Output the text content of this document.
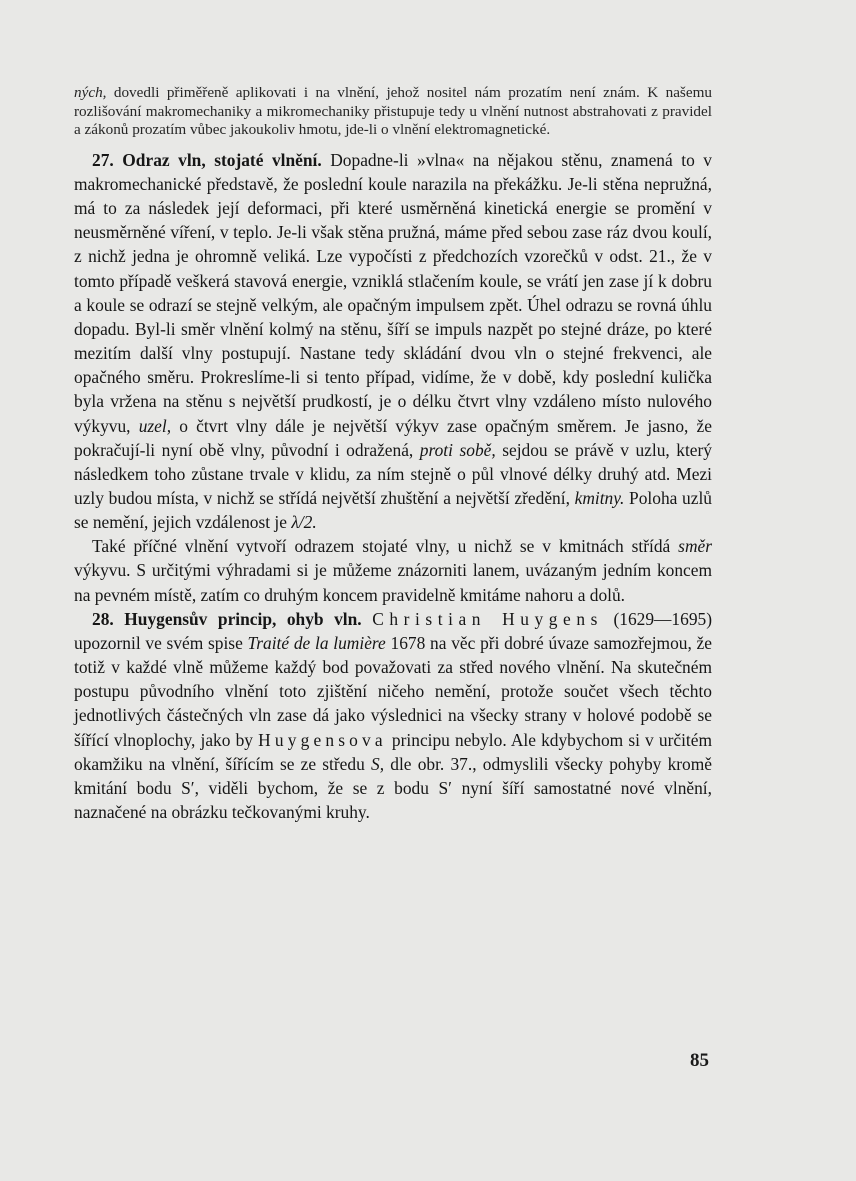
ných, dovedli přiměřeně aplikovati i na vlnění, jehož nositel nám prozatím není znám. K našemu rozlišování makromechaniky a mikromechaniky přistupuje tedy u vlnění nutnost abstrahovati z pravidel a zákonů prozatím vůbec jakoukoliv hmotu, jde-li o vlnění elektromagnetické.

27. Odraz vln, stojaté vlnění. Dopadne-li »vlna« na nějakou stěnu, znamená to v makromechanické představě, že poslední koule narazila na překážku. Je-li stěna nepružná, má to za následek její deformaci, při které usměrněná kinetická energie se promění v neusměrněné víření, v teplo. Je-li však stěna pružná, máme před sebou zase ráz dvou koulí, z nichž jedna je ohromně veliká. Lze vypočísti z předchozích vzorečků v odst. 21., že v tomto případě veškerá stavová energie, vzniklá stlačením koule, se vrátí jen zase jí k dobru a koule se odrazí se stejně velkým, ale opačným impulsem zpět. Úhel odrazu se rovná úhlu dopadu. Byl-li směr vlnění kolmý na stěnu, šíří se impuls nazpět po stejné dráze, po které mezitím další vlny postupují. Nastane tedy skládání dvou vln o stejné frekvenci, ale opačného směru. Prokreslíme-li si tento případ, vidíme, že v době, kdy poslední kulička byla vržena na stěnu s největší prudkostí, je o délku čtvrt vlny vzdáleno místo nulového výkyvu, uzel, o čtvrt vlny dále je největší výkyv zase opačným směrem. Je jasno, že pokračují-li nyní obě vlny, původní i odražená, proti sobě, sejdou se právě v uzlu, který následkem toho zůstane trvale v klidu, za ním stejně o půl vlnové délky druhý atd. Mezi uzly budou místa, v nichž se střídá největší zhuštění a největší zředění, kmitny. Poloha uzlů se nemění, jejich vzdálenost je λ/2.

Také příčné vlnění vytvoří odrazem stojaté vlny, u nichž se v kmitnách střídá směr výkyvu. S určitými výhradami si je můžeme znázorniti lanem, uvázaným jedním koncem na pevném místě, zatím co druhým koncem pravidelně kmitáme nahoru a dolů.

28. Huygensův princip, ohyb vln. Christian Huygens (1629—1695) upozornil ve svém spise Traité de la lumière 1678 na věc při dobré úvaze samozřejmou, že totiž v každé vlně můžeme každý bod považovati za střed nového vlnění. Na skutečném postupu původního vlnění toto zjištění ničeho nemění, protože součet všech těchto jednotlivých částečných vln zase dá jako výslednici na všecky strany v holové podobě se šířící vlnoplochy, jako by Huygensova principu nebylo. Ale kdybychom si v určitém okamžiku na vlnění, šířícím se ze středu S, dle obr. 37., odmyslili všecky pohyby kromě kmitání bodu S′, viděli bychom, že se z bodu S′ nyní šíří samostatné nové vlnění, naznačené na obrázku tečkovanými kruhy.

85
